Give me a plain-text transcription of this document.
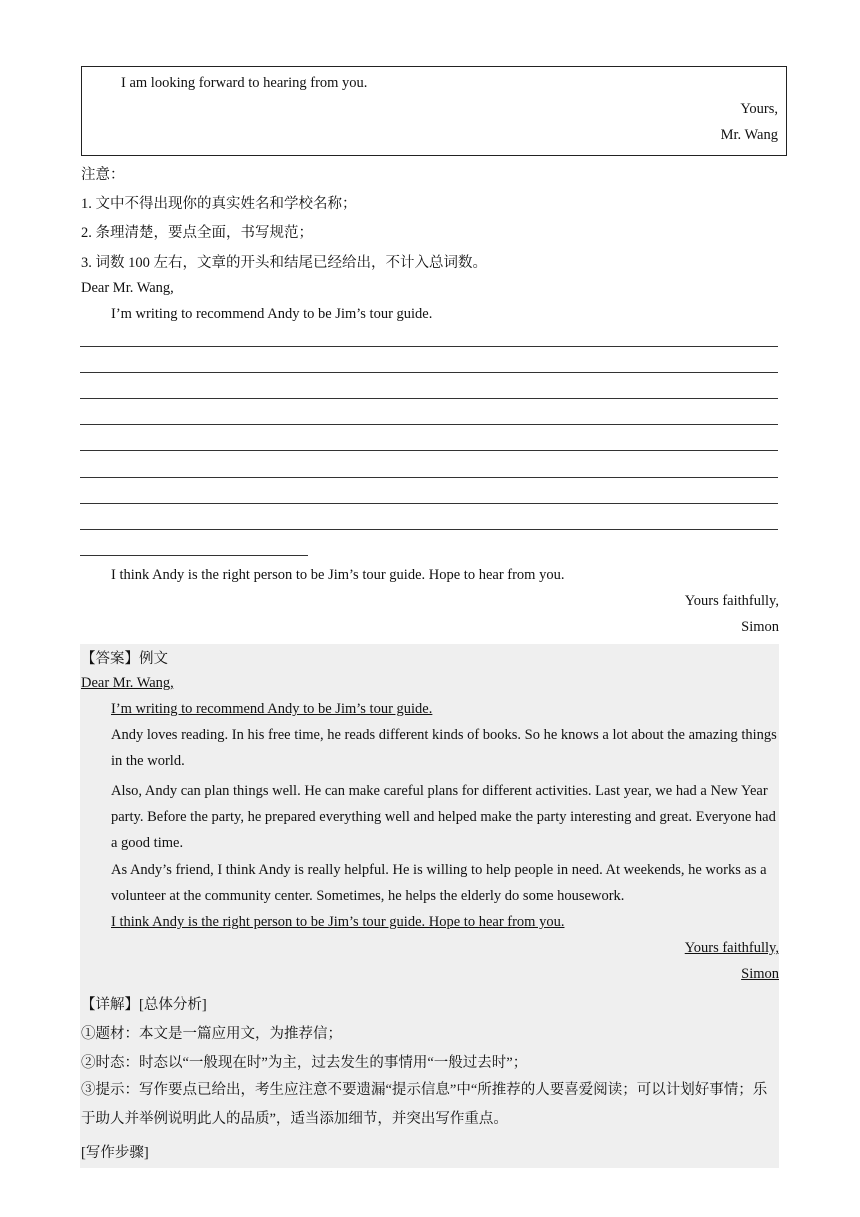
I am looking forward to hearing from you.
Yours,
Mr. Wang
注意：
1. 文中不得出现你的真实姓名和学校名称；
2. 条理清楚，要点全面，书写规范；
3. 词数 100 左右，文章的开头和结尾已经给出，不计入总词数。
Dear Mr. Wang,
I’m writing to recommend Andy to be Jim’s tour guide.
I think Andy is the right person to be Jim’s tour guide. Hope to hear from you.
Yours faithfully,
Simon
【答案】例文
Dear Mr. Wang,
I’m writing to recommend Andy to be Jim’s tour guide.
Andy loves reading. In his free time, he reads different kinds of books. So he knows a lot about the amazing things in the world.
Also, Andy can plan things well. He can make careful plans for different activities. Last year, we had a New Year party. Before the party, he prepared everything well and helped make the party interesting and great. Everyone had a good time.
As Andy’s friend, I think Andy is really helpful. He is willing to help people in need. At weekends, he works as a volunteer at the community center. Sometimes, he helps the elderly do some housework.
I think Andy is the right person to be Jim’s tour guide. Hope to hear from you.
Yours faithfully,
Simon
【详解】[总体分析]
①题材：本文是一篇应用文，为推荐信；
②时态：时态以“一般现在时”为主，过去发生的事情用“一般过去时”；
③提示：写作要点已给出，考生应注意不要遗漏“提示信息”中“所推荐的人要喜爱阅读；可以计划好事情；乐于助人并举例说明此人的品质”，适当添加细节，并突出写作重点。
[写作步骤]
